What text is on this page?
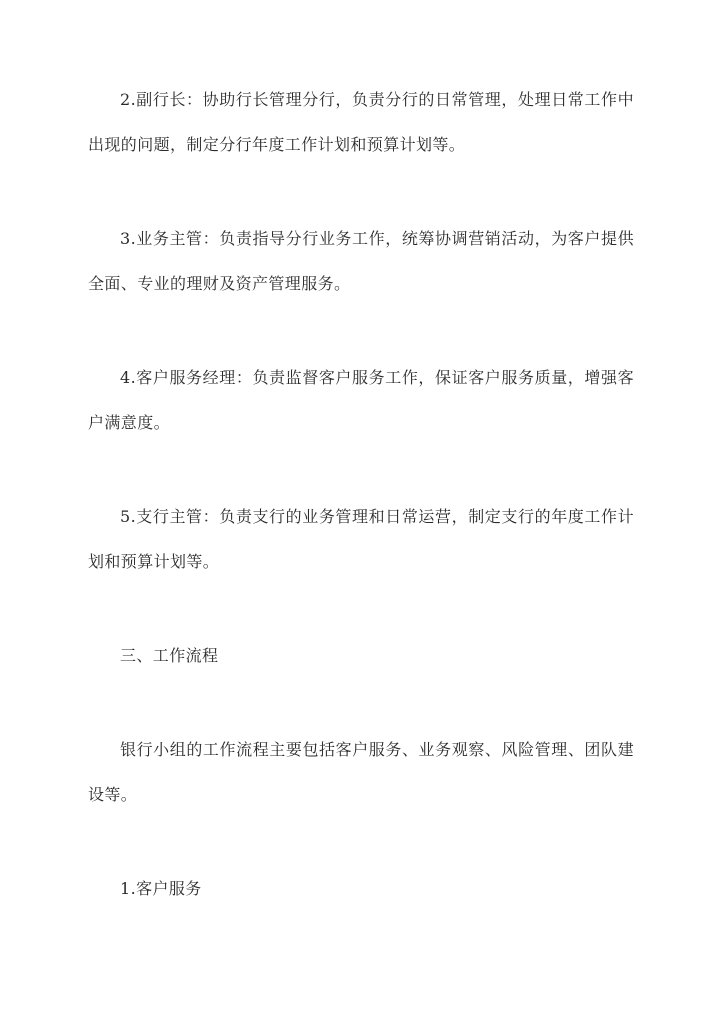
2.副行长：协助行长管理分行，负责分行的日常管理，处理日常工作中出现的问题，制定分行年度工作计划和预算计划等。

3.业务主管：负责指导分行业务工作，统筹协调营销活动，为客户提供全面、专业的理财及资产管理服务。

4.客户服务经理：负责监督客户服务工作，保证客户服务质量，增强客户满意度。

5.支行主管：负责支行的业务管理和日常运营，制定支行的年度工作计划和预算计划等。

三、工作流程

银行小组的工作流程主要包括客户服务、业务观察、风险管理、团队建设等。

1.客户服务
